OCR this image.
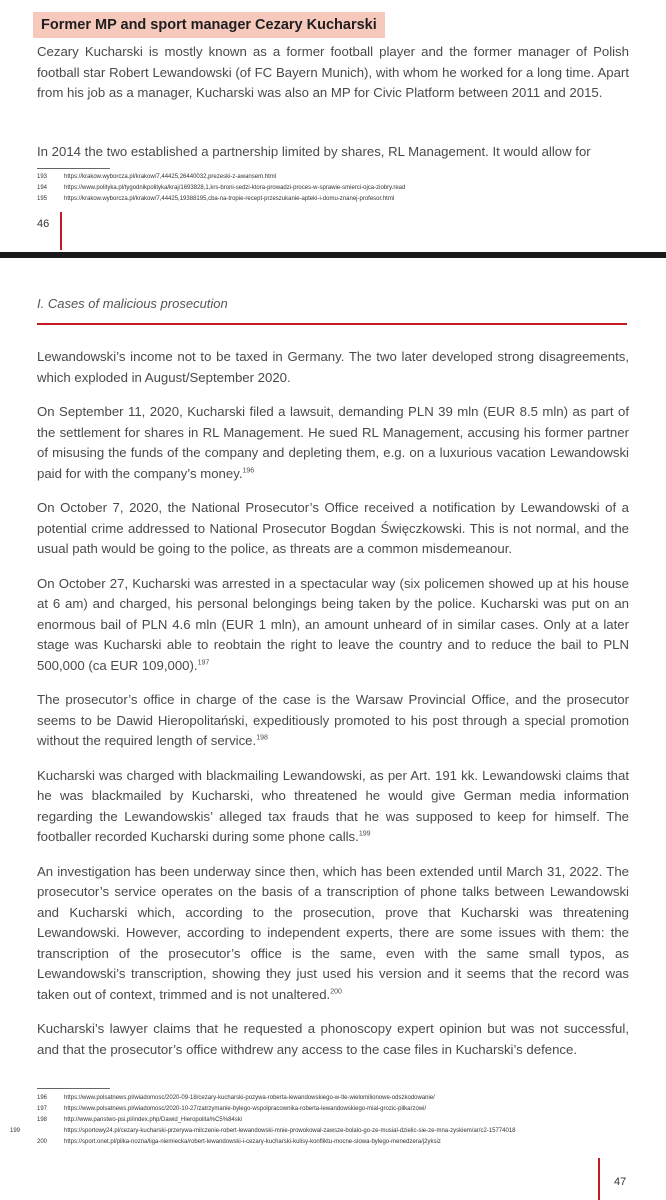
Former MP and sport manager Cezary Kucharski

Cezary Kucharski is mostly known as a former football player and the former manager of Polish football star Robert Lewandowski (of FC Bayern Munich), with whom he worked for a long time. Apart from his job as a manager, Kucharski was also an MP for Civic Platform between 2011 and 2015.

In 2014 the two established a partnership limited by shares, RL Management. It would allow for

193	https://krakow.wyborcza.pl/krakow/7,44425,26440032,prezeski-z-awansem.html
194	https://www.polityka.pl/tygodnikpolityka/kraj/1693828,1,krs-broni-sedzi-ktora-prowadzi-proces-w-sprawie-smierci-ojca-ziobry.read
195	https://krakow.wyborcza.pl/krakow/7,44425,19388195,cba-na-tropie-recept-przeszukanie-apteki-i-domu-znanej-profesor.html
46
I. Cases of malicious prosecution

Lewandowski’s income not to be taxed in Germany. The two later developed strong disagreements, which exploded in August/September 2020.

On September 11, 2020, Kucharski filed a lawsuit, demanding PLN 39 mln (EUR 8.5 mln) as part of the settlement for shares in RL Management. He sued RL Management, accusing his former partner of misusing the funds of the company and depleting them, e.g. on a luxurious vacation Lewandowski paid for with the company’s money.$^{196}$

On October 7, 2020, the National Prosecutor’s Office received a notification by Lewandowski of a potential crime addressed to National Prosecutor Bogdan Święczkowski. This is not normal, and the usual path would be going to the police, as threats are a common misdemeanour.

On October 27, Kucharski was arrested in a spectacular way (six policemen showed up at his house at 6 am) and charged, his personal belongings being taken by the police. Kucharski was put on an enormous bail of PLN 4.6 mln (EUR 1 mln), an amount unheard of in similar cases. Only at a later stage was Kucharski able to reobtain the right to leave the country and to reduce the bail to PLN 500,000 (ca EUR 109,000).$^{197}$

The prosecutor’s office in charge of the case is the Warsaw Provincial Office, and the prosecutor seems to be Dawid Hieropolitański, expeditiously promoted to his post through a special promotion without the required length of service.$^{198}$

Kucharski was charged with blackmailing Lewandowski, as per Art. 191 kk. Lewandowski claims that he was blackmailed by Kucharski, who threatened he would give German media information regarding the Lewandowskis’ alleged tax frauds that he was supposed to keep for himself. The footballer recorded Kucharski during some phone calls.$^{199}$

An investigation has been underway since then, which has been extended until March 31, 2022. The prosecutor’s service operates on the basis of a transcription of phone talks between Lewandowski and Kucharski which, according to the prosecution, prove that Kucharski was threatening Lewandowski. However, according to independent experts, there are some issues with them: the transcription of the prosecutor’s office is the same, even with the same small typos, as Lewandowski’s transcription, showing they just used his version and it seems that the record was taken out of context, trimmed and is not unaltered.$^{200}$

Kucharski’s lawyer claims that he requested a phonoscopy expert opinion but was not successful, and that the prosecutor’s office withdrew any access to the case files in Kucharski’s defence.

196	https://www.polsatnews.pl/wiadomosc/2020-09-18/cezary-kucharski-pozywa-roberta-lewandowskiego-w-tle-wielomilionowe-odszkodowanie/
197	https://www.polsatnews.pl/wiadomosc/2020-10-27/zatrzymanie-bylego-wspolpracownika-roberta-lewandowskiego-mial-grozic-pilkarzowi/
198	http://www.panstwo-psi.pl/index.php/Dawid_Hieropolita%C5%84ski
199	https://sportowy24.pl/cezary-kucharski-przerywa-milczenie-robert-lewandowski-mnie-prowokowal-zawsze-bolalo-go-ze-musial-dzielic-sie-ze-mna-zyskiem/ar/c2-15774018
200	https://sport.onet.pl/pilka-nozna/liga-niemiecka/robert-lewandowski-i-cezary-kucharski-kulisy-konfliktu-mocne-slowa-bylego-menedzera/j2yksiz
47
